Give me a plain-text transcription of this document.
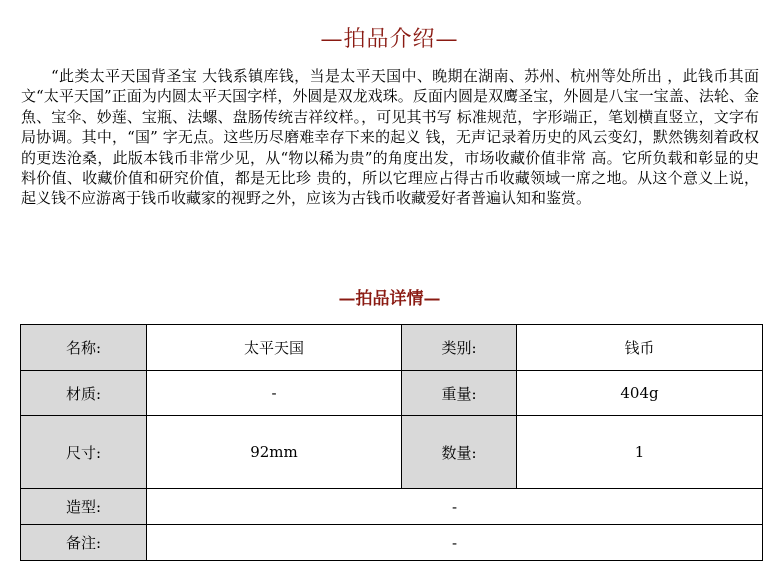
—拍品介绍—

“此类太平天国背圣宝 大钱系镇库钱，当是太平天国中、晚期在湖南、苏州、杭州等处所出 ，此钱币其面文“太平天国”正面为内圆太平天国字样，外圆是双龙戏珠。反面内圆是双鹰圣宝，外圆是八宝一宝盖、法轮、金魚、宝伞、妙莲、宝瓶、法螺、盘肠传统吉祥纹样。，可见其书写 标准规范，字形端正，笔划横直竖立，文字布局协调。其中，“国” 字无点。这些历尽磨难幸存下来的起义 钱，无声记录着历史的风云变幻，默然镌刻着政权的更迭沧桑，此版本钱币非常少见，从“物以稀为贵”的角度出发，市场收藏价值非常 高。它所负载和彰显的史料价值、收藏价值和研究价值，都是无比珍 贵的，所以它理应占得古币收藏领域一席之地。从这个意义上说，起义钱不应游离于钱币收藏家的视野之外，应该为古钱币收藏爱好者普遍认知和鉴赏。

—拍品详情—
名称:	太平天国	类别:	钱币
材质:	-	重量:	404g
尺寸:	92mm	数量:	1
造型:	-		
备注:	-		
